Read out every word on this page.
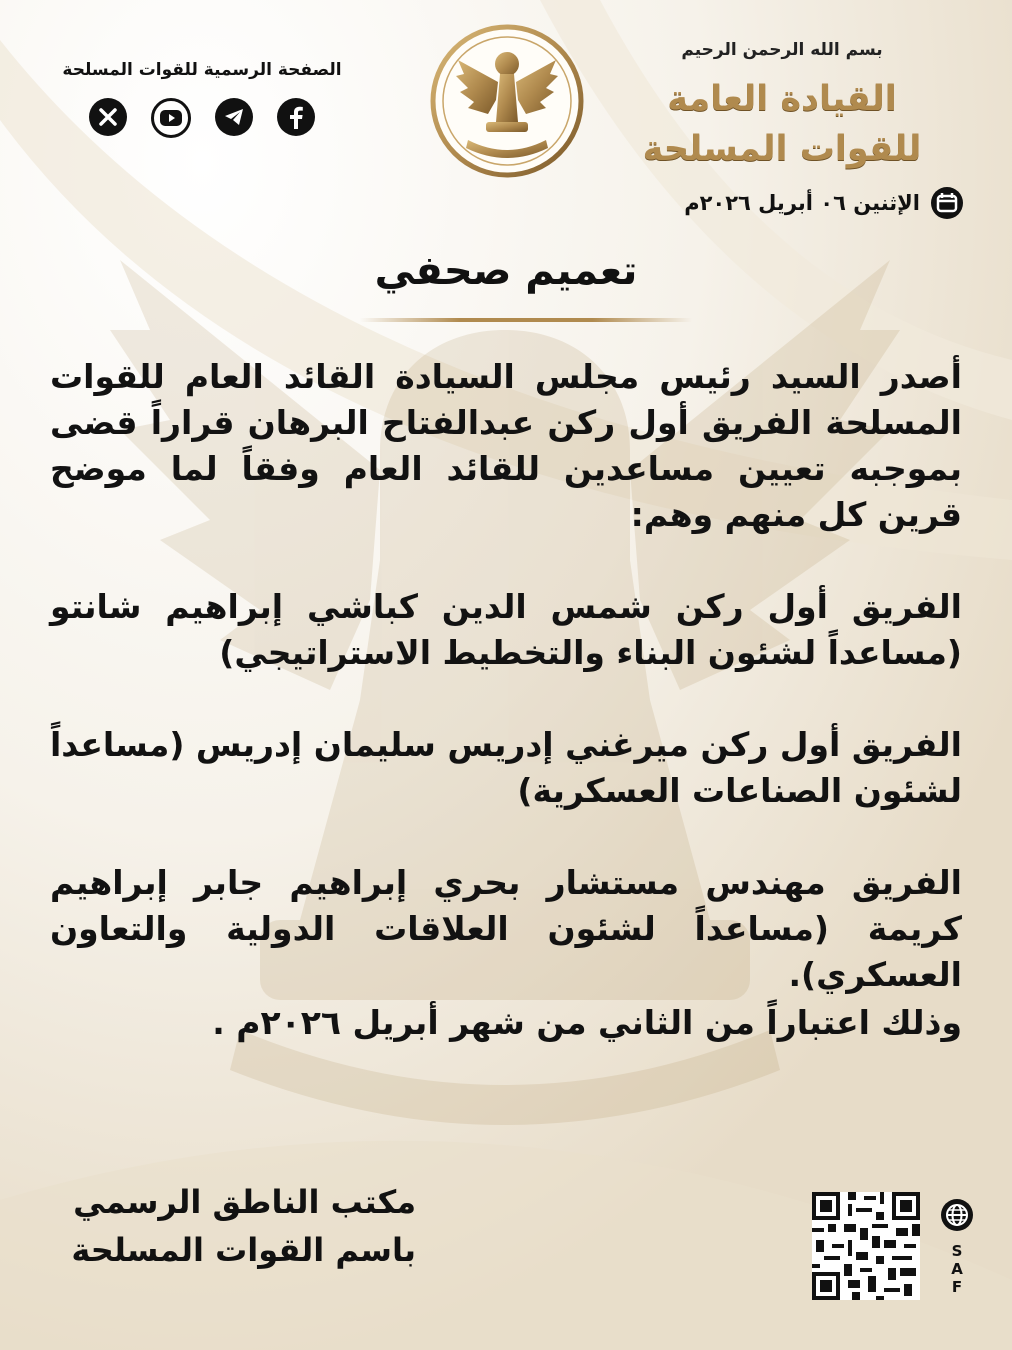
بسم الله الرحمن الرحيم
القيادة العامة
للقوات المسلحة
الإثنين ٠٦ أبريل ٢٠٢٦م
الصفحة الرسمية للقوات المسلحة
تعميم صحفي

أصدر السيد رئيس مجلس السيادة القائد العام للقوات المسلحة الفريق أول ركن عبدالفتاح البرهان قراراً قضى بموجبه تعيين مساعدين للقائد العام وفقاً لما موضح قرين كل منهم وهم:

الفريق أول ركن شمس الدين كباشي إبراهيم شانتو (مساعداً لشئون البناء والتخطيط الاستراتيجي)

الفريق أول ركن ميرغني إدريس سليمان إدريس (مساعداً لشئون الصناعات العسكرية)

الفريق مهندس مستشار بحري إبراهيم جابر إبراهيم كريمة (مساعداً لشئون العلاقات الدولية والتعاون العسكري).

وذلك اعتباراً من الثاني من شهر أبريل ٢٠٢٦م .

مكتب الناطق الرسمي
باسم القوات المسلحة	S
A
F
